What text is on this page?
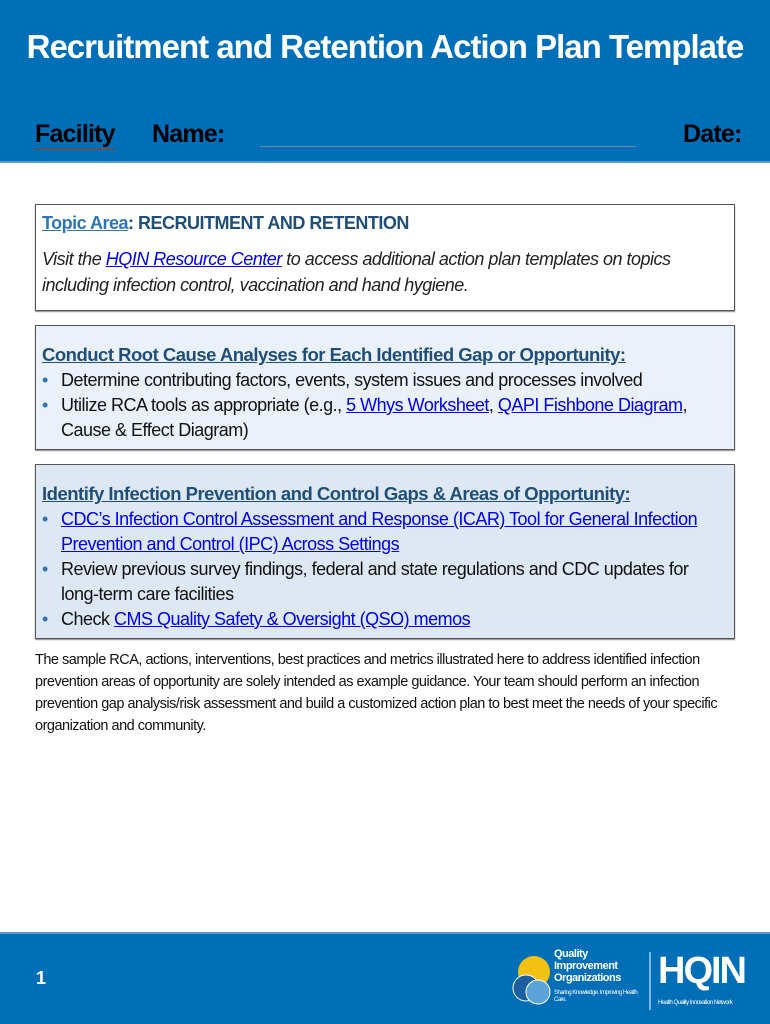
Recruitment and Retention Action Plan Template
Facility Name:	Date:
Topic Area: RECRUITMENT AND RETENTION
Visit the HQIN Resource Center to access additional action plan templates on topics including infection control, vaccination and hand hygiene.
Conduct Root Cause Analyses for Each Identified Gap or Opportunity:
• Determine contributing factors, events, system issues and processes involved
• Utilize RCA tools as appropriate (e.g., 5 Whys Worksheet, QAPI Fishbone Diagram, Cause & Effect Diagram)
Identify Infection Prevention and Control Gaps & Areas of Opportunity:
• CDC’s Infection Control Assessment and Response (ICAR) Tool for General Infection Prevention and Control (IPC) Across Settings
• Review previous survey findings, federal and state regulations and CDC updates for long-term care facilities
• Check CMS Quality Safety & Oversight (QSO) memos
The sample RCA, actions, interventions, best practices and metrics illustrated here to address identified infection prevention areas of opportunity are solely intended as example guidance. Your team should perform an infection prevention gap analysis/risk assessment and build a customized action plan to best meet the needs of your specific organization and community.
1
Quality Improvement Organizations
Sharing Knowledge. Improving Health Care.
HQIN
Health Quality Innovation Network
